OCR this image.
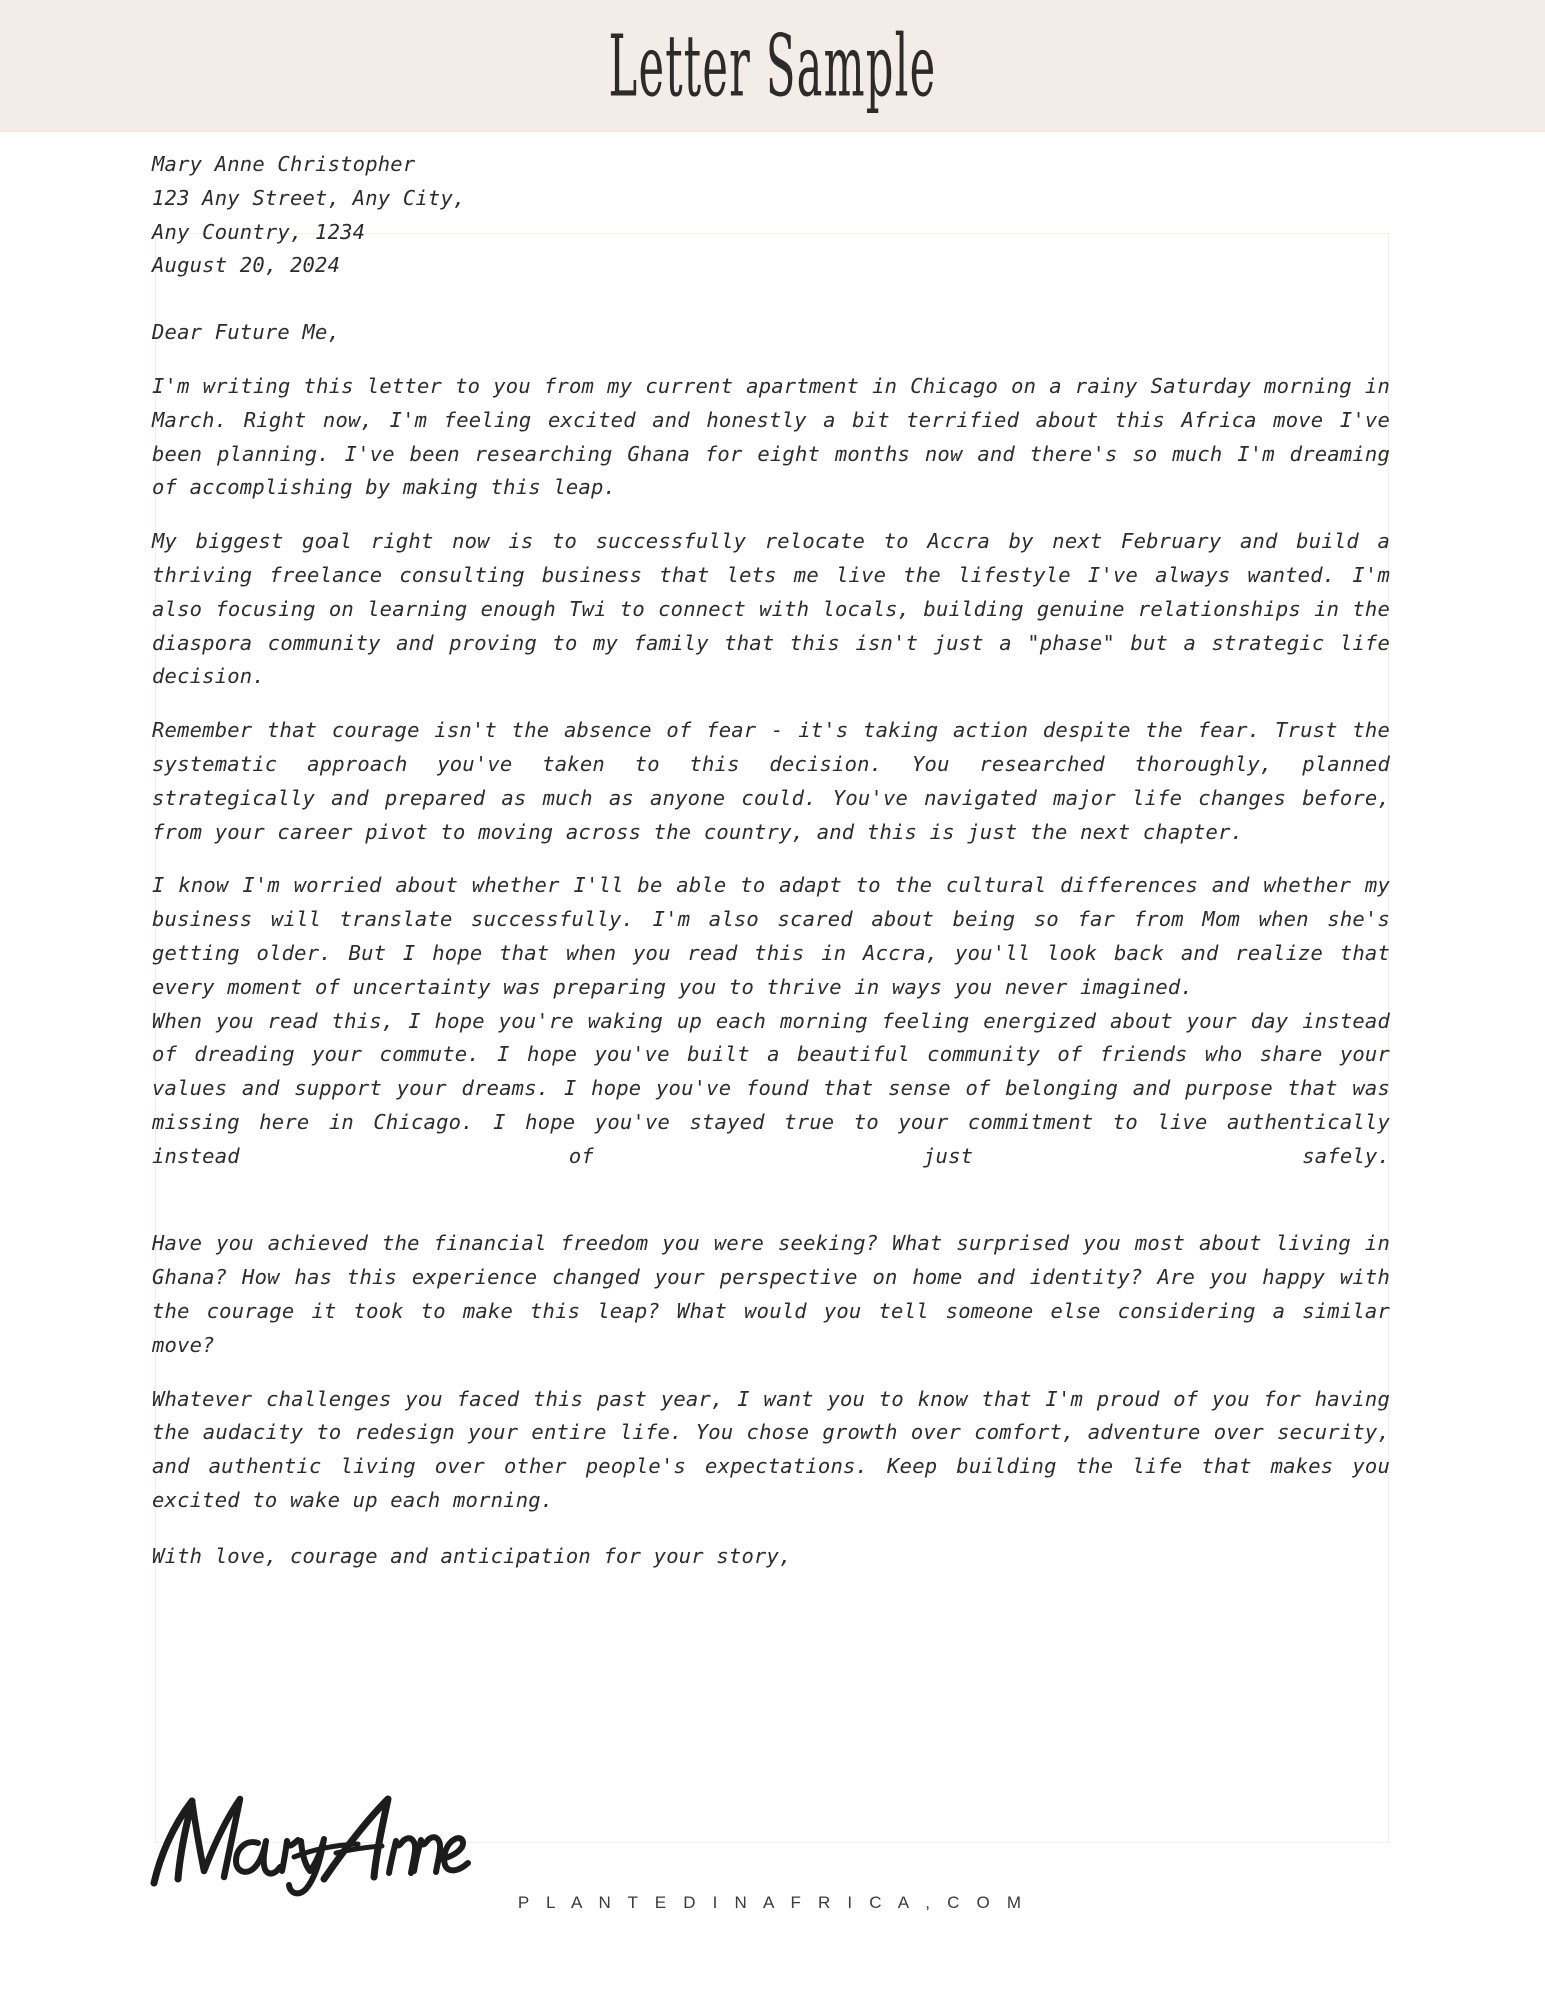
Letter Sample
Mary Anne Christopher
123 Any Street, Any City,
Any Country, 1234
August 20, 2024
Dear Future Me,

I'm writing this letter to you from my current apartment in Chicago on a rainy Saturday morning in March. Right now, I'm feeling excited and honestly a bit terrified about this Africa move I've been planning. I've been researching Ghana for eight months now and there's so much I'm dreaming of accomplishing by making this leap.

My biggest goal right now is to successfully relocate to Accra by next February and build a thriving freelance consulting business that lets me live the lifestyle I've always wanted. I'm also focusing on learning enough Twi to connect with locals, building genuine relationships in the diaspora community and proving to my family that this isn't just a "phase" but a strategic life decision.

Remember that courage isn't the absence of fear - it's taking action despite the fear. Trust the systematic approach you've taken to this decision. You researched thoroughly, planned strategically and prepared as much as anyone could. You've navigated major life changes before, from your career pivot to moving across the country, and this is just the next chapter.

I know I'm worried about whether I'll be able to adapt to the cultural differences and whether my business will translate successfully. I'm also scared about being so far from Mom when she's getting older. But I hope that when you read this in Accra, you'll look back and realize that every moment of uncertainty was preparing you to thrive in ways you never imagined.

When you read this, I hope you're waking up each morning feeling energized about your day instead of dreading your commute. I hope you've built a beautiful community of friends who share your values and support your dreams. I hope you've found that sense of belonging and purpose that was missing here in Chicago. I hope you've stayed true to your commitment to live authentically instead of just safely.

Have you achieved the financial freedom you were seeking? What surprised you most about living in Ghana? How has this experience changed your perspective on home and identity? Are you happy with the courage it took to make this leap? What would you tell someone else considering a similar move?

Whatever challenges you faced this past year, I want you to know that I'm proud of you for having the audacity to redesign your entire life. You chose growth over comfort, adventure over security, and authentic living over other people's expectations. Keep building the life that makes you excited to wake up each morning.

With love, courage and anticipation for your story,
P L A N T E D I N A F R I C A , C O M
